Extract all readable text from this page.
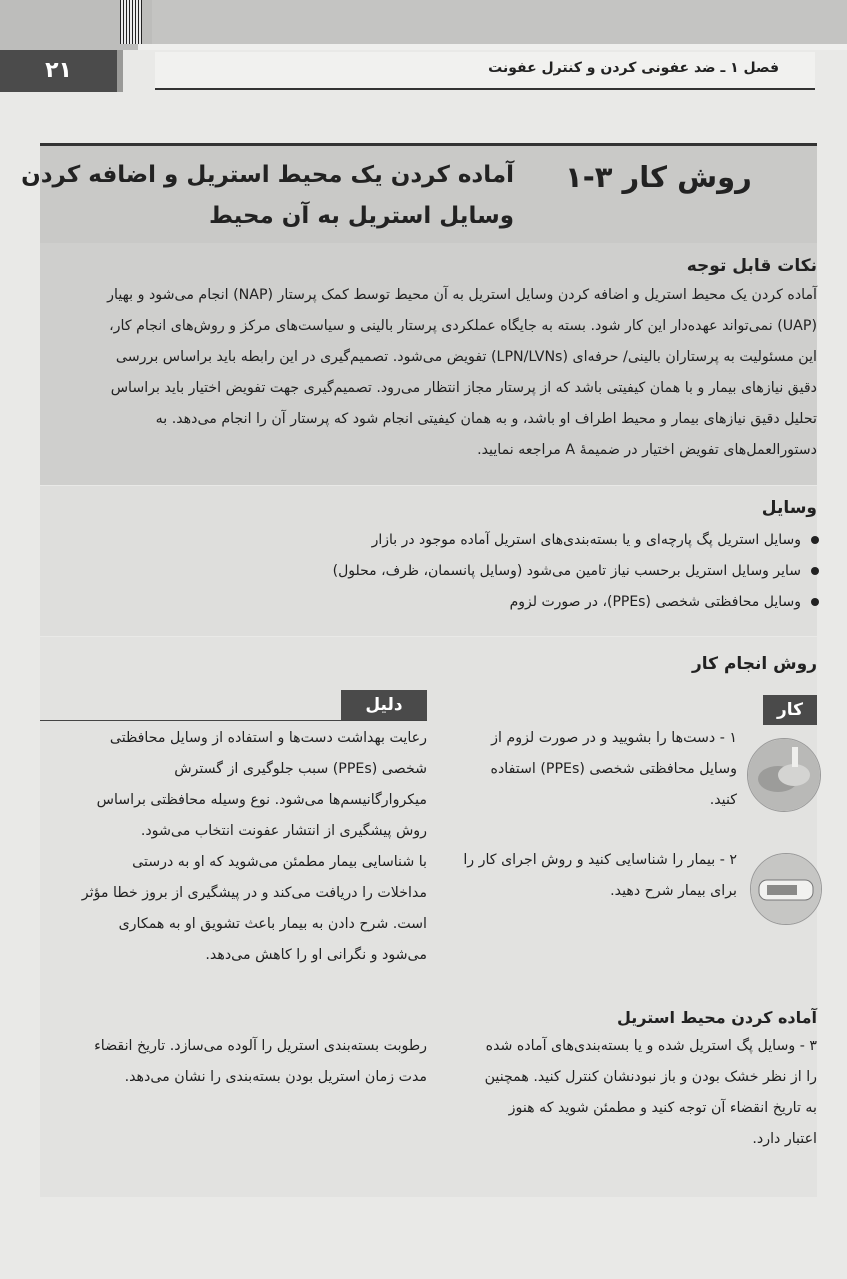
۲۱	فصل ۱ ـ ضد عفونی کردن و کنترل عفونت
روش کار ۳-۱
آماده کردن یک محیط استریل و اضافه کردن
وسایل استریل به آن محیط
نکات قابل توجه
آماده کردن یک محیط استریل و اضافه کردن وسایل استریل به آن محیط توسط کمک پرستار (NAP) انجام می‌شود و بهیار
(UAP) نمی‌تواند عهده‌دار این کار شود. بسته به جایگاه عملکردی پرستار بالینی و سیاست‌های مرکز و روش‌های انجام کار،
این مسئولیت به پرستاران بالینی/ حرفه‌ای (LPN/LVNs) تفویض می‌شود. تصمیم‌گیری در این رابطه باید براساس بررسی
دقیق نیازهای بیمار و با همان کیفیتی باشد که از پرستار مجاز انتظار می‌رود. تصمیم‌گیری جهت تفویض اختیار باید براساس
تحلیل دقیق نیازهای بیمار و محیط اطراف او باشد، و به همان کیفیتی انجام شود که پرستار آن را انجام می‌دهد. به
دستورالعمل‌های تفویض اختیار در ضمیمهٔ A مراجعه نمایید.
وسایل
وسایل استریل پگ پارچه‌ای و یا بسته‌بندی‌های استریل آماده موجود در بازار
سایر وسایل استریل برحسب نیاز تامین می‌شود (وسایل پانسمان، ظرف، محلول)
وسایل محافظتی شخصی (PPEs)، در صورت لزوم
روش انجام کار
کار
دلیل
۱ - دست‌ها را بشویید و در صورت لزوم از
وسایل محافظتی شخصی (PPEs) استفاده
کنید.
۲ - بیمار را شناسایی کنید و روش اجرای کار را
برای بیمار شرح دهید.
رعایت بهداشت دست‌ها و استفاده از وسایل محافظتی
شخصی (PPEs) سبب جلوگیری از گسترش
میکروارگانیسم‌ها می‌شود. نوع وسیله محافظتی براساس
روش پیشگیری از انتشار عفونت انتخاب می‌شود.
با شناسایی بیمار مطمئن می‌شوید که او به درستی
مداخلات را دریافت می‌کند و در پیشگیری از بروز خطا مؤثر
است. شرح دادن به بیمار باعث تشویق او به همکاری
می‌شود و نگرانی او را کاهش می‌دهد.
آماده کردن محیط استریل
۳ - وسایل پگ استریل شده و یا بسته‌بندی‌های آماده شده
را از نظر خشک بودن و باز نبودنشان کنترل کنید. همچنین
به تاریخ انقضاء آن توجه کنید و مطمئن شوید که هنوز
اعتبار دارد.
رطوبت بسته‌بندی استریل را آلوده می‌سازد. تاریخ انقضاء
مدت زمان استریل بودن بسته‌بندی را نشان می‌دهد.
